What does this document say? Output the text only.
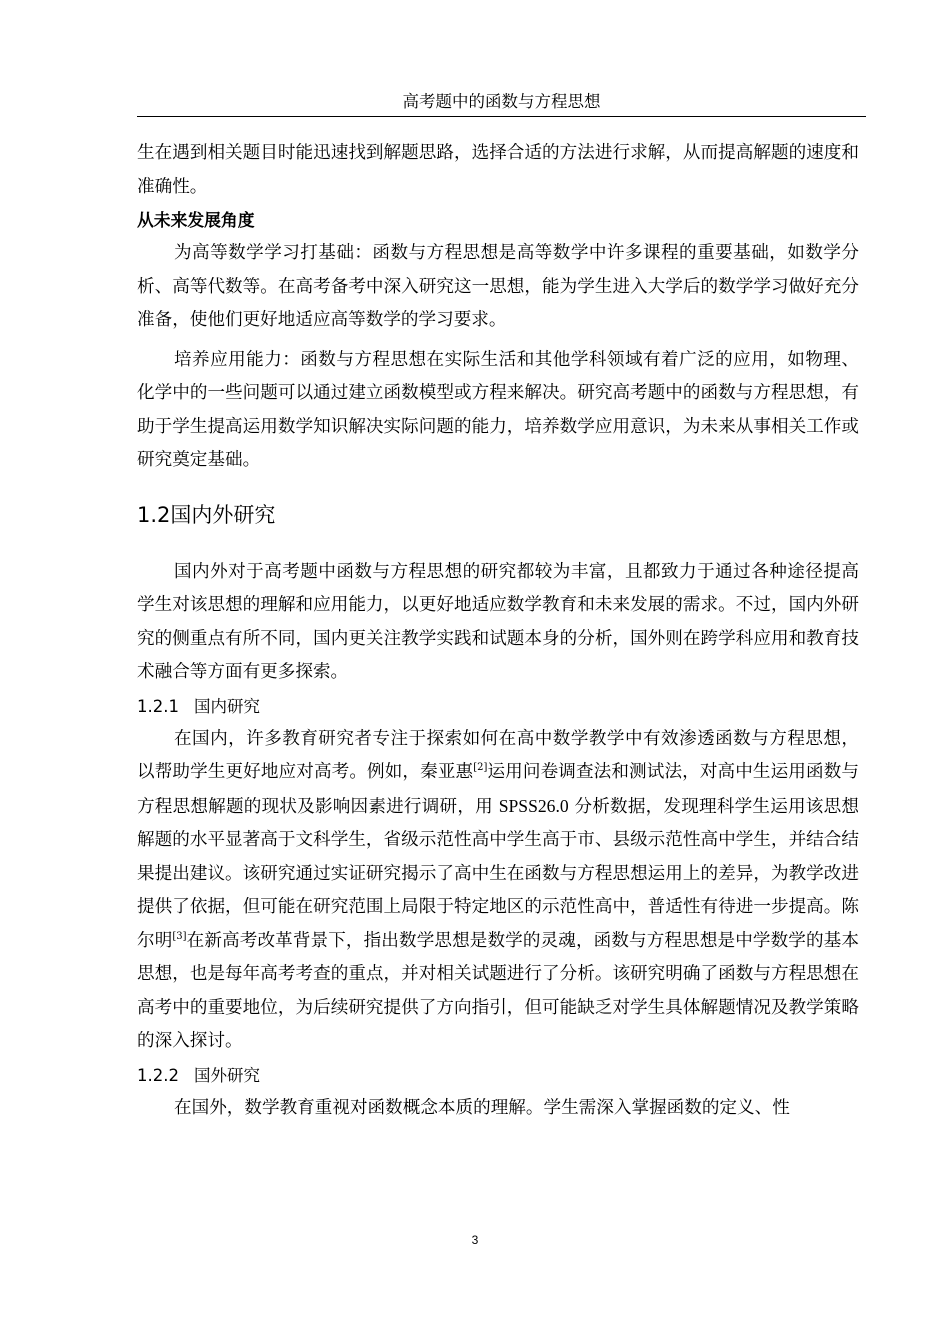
高考题中的函数与方程思想

生在遇到相关题目时能迅速找到解题思路，选择合适的方法进行求解，从而提高解题的速度和准确性。

从未来发展角度

为高等数学学习打基础：函数与方程思想是高等数学中许多课程的重要基础，如数学分析、高等代数等。在高考备考中深入研究这一思想，能为学生进入大学后的数学学习做好充分准备，使他们更好地适应高等数学的学习要求。

培养应用能力：函数与方程思想在实际生活和其他学科领域有着广泛的应用，如物理、化学中的一些问题可以通过建立函数模型或方程来解决。研究高考题中的函数与方程思想，有助于学生提高运用数学知识解决实际问题的能力，培养数学应用意识，为未来从事相关工作或研究奠定基础。

1.2国内外研究

国内外对于高考题中函数与方程思想的研究都较为丰富，且都致力于通过各种途径提高学生对该思想的理解和应用能力，以更好地适应数学教育和未来发展的需求。不过，国内外研究的侧重点有所不同，国内更关注教学实践和试题本身的分析，国外则在跨学科应用和教育技术融合等方面有更多探索。

1.2.1 国内研究

在国内，许多教育研究者专注于探索如何在高中数学教学中有效渗透函数与方程思想，以帮助学生更好地应对高考。例如，秦亚惠[2]运用问卷调查法和测试法，对高中生运用函数与方程思想解题的现状及影响因素进行调研，用 SPSS26.0 分析数据，发现理科学生运用该思想解题的水平显著高于文科学生，省级示范性高中学生高于市、县级示范性高中学生，并结合结果提出建议。该研究通过实证研究揭示了高中生在函数与方程思想运用上的差异，为教学改进提供了依据，但可能在研究范围上局限于特定地区的示范性高中，普适性有待进一步提高。陈尔明[3]在新高考改革背景下，指出数学思想是数学的灵魂，函数与方程思想是中学数学的基本思想，也是每年高考考查的重点，并对相关试题进行了分析。该研究明确了函数与方程思想在高考中的重要地位，为后续研究提供了方向指引，但可能缺乏对学生具体解题情况及教学策略的深入探讨。

1.2.2 国外研究

在国外，数学教育重视对函数概念本质的理解。学生需深入掌握函数的定义、性

3
